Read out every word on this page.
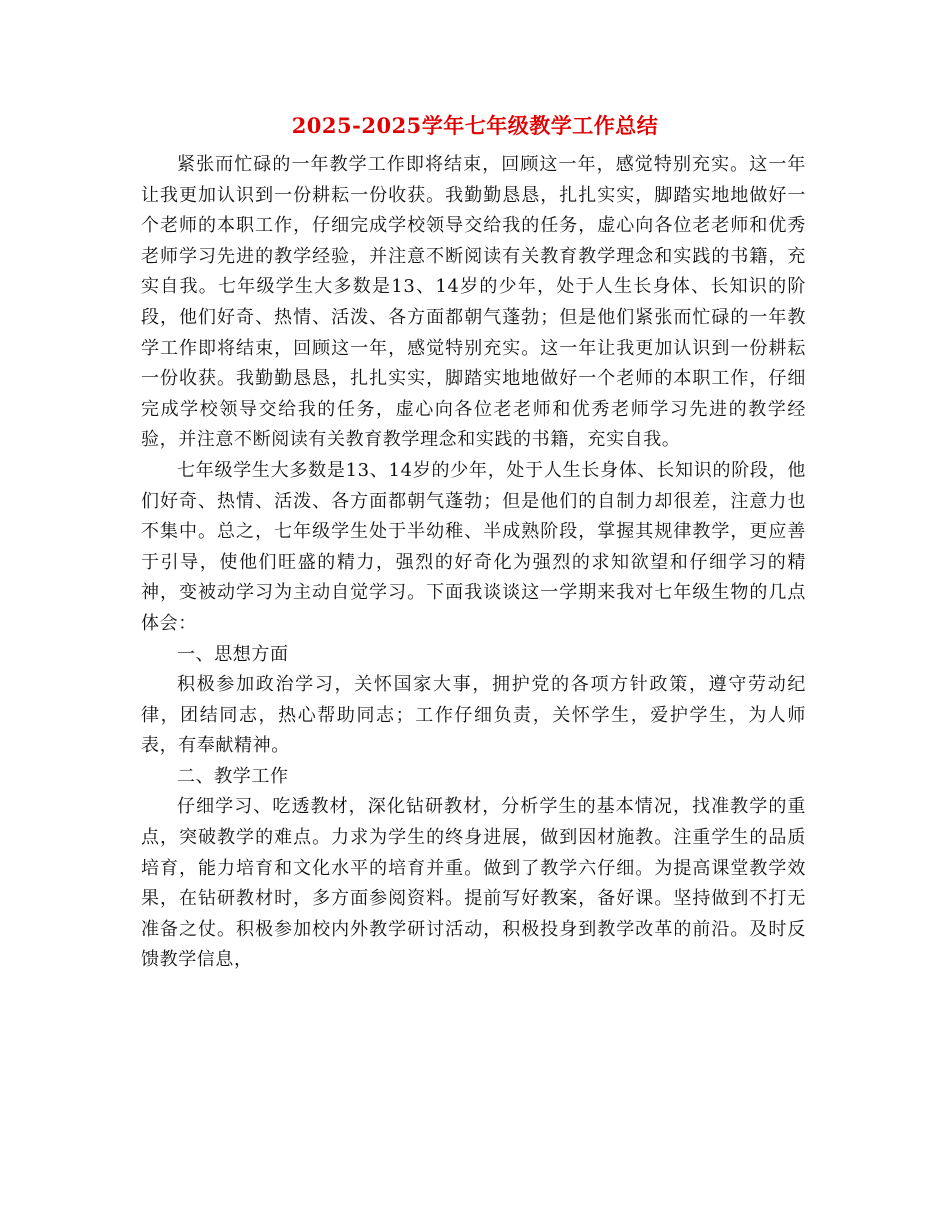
2025-2025学年七年级教学工作总结

紧张而忙碌的一年教学工作即将结束，回顾这一年，感觉特别充实。这一年让我更加认识到一份耕耘一份收获。我勤勤恳恳，扎扎实实，脚踏实地地做好一个老师的本职工作，仔细完成学校领导交给我的任务，虚心向各位老老师和优秀老师学习先进的教学经验，并注意不断阅读有关教育教学理念和实践的书籍，充实自我。七年级学生大多数是13、14岁的少年，处于人生长身体、长知识的阶段，他们好奇、热情、活泼、各方面都朝气蓬勃；但是他们紧张而忙碌的一年教学工作即将结束，回顾这一年，感觉特别充实。这一年让我更加认识到一份耕耘一份收获。我勤勤恳恳，扎扎实实，脚踏实地地做好一个老师的本职工作，仔细完成学校领导交给我的任务，虚心向各位老老师和优秀老师学习先进的教学经验，并注意不断阅读有关教育教学理念和实践的书籍，充实自我。

七年级学生大多数是13、14岁的少年，处于人生长身体、长知识的阶段，他们好奇、热情、活泼、各方面都朝气蓬勃；但是他们的自制力却很差，注意力也不集中。总之，七年级学生处于半幼稚、半成熟阶段，掌握其规律教学，更应善于引导，使他们旺盛的精力，强烈的好奇化为强烈的求知欲望和仔细学习的精神，变被动学习为主动自觉学习。下面我谈谈这一学期来我对七年级生物的几点体会：

一、思想方面

积极参加政治学习，关怀国家大事，拥护党的各项方针政策，遵守劳动纪律，团结同志，热心帮助同志；工作仔细负责，关怀学生，爱护学生，为人师表，有奉献精神。

二、教学工作

仔细学习、吃透教材，深化钻研教材，分析学生的基本情况，找准教学的重点，突破教学的难点。力求为学生的终身进展，做到因材施教。注重学生的品质培育，能力培育和文化水平的培育并重。做到了教学六仔细。为提高课堂教学效果，在钻研教材时，多方面参阅资料。提前写好教案，备好课。坚持做到不打无准备之仗。积极参加校内外教学研讨活动，积极投身到教学改革的前沿。及时反馈教学信息，
